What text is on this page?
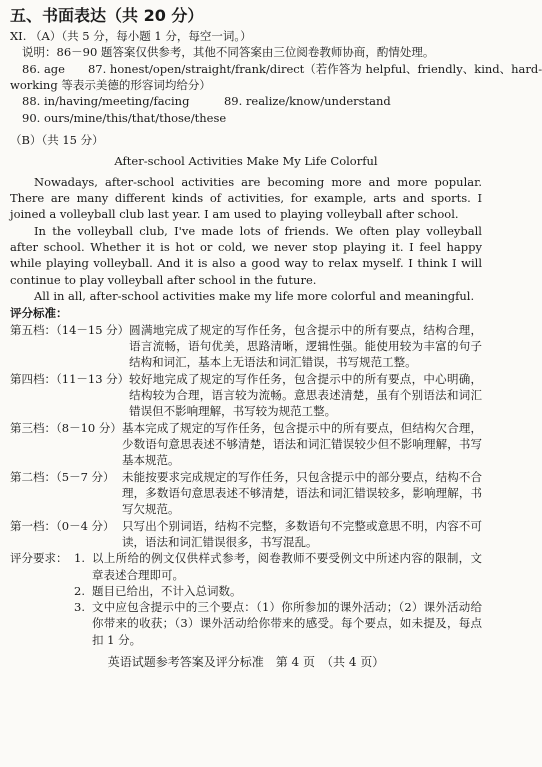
五、书面表达（共 20 分）
XI. （A）（共 5 分，每小题 1 分，每空一词。）
说明：86－90 题答案仅供参考，其他不同答案由三位阅卷教师协商，酌情处理。
86. age　　87. honest/open/straight/frank/direct（若作答为 helpful、friendly、kind、hard-
working 等表示美德的形容词均给分）
88. in/having/meeting/facing　　　89. realize/know/understand
90. ours/mine/this/that/those/these
（B）（共 15 分）
After-school Activities Make My Life Colorful

Nowadays, after-school activities are becoming more and more popular. There are many different kinds of activities, for example, arts and sports. I joined a volleyball club last year. I am used to playing volleyball after school.

In the volleyball club, I've made lots of friends. We often play volleyball after school. Whether it is hot or cold, we never stop playing it. I feel happy while playing volleyball. And it is also a good way to relax myself. I think I will continue to play volleyball after school in the future.

All in all, after-school activities make my life more colorful and meaningful.

评分标准：
第五档：（14－15 分） 圆满地完成了规定的写作任务，包含提示中的所有要点，结构合理，语言流畅，语句优美，思路清晰，逻辑性强。能使用较为丰富的句子结构和词汇，基本上无语法和词汇错误，书写规范工整。
第四档：（11－13 分） 较好地完成了规定的写作任务，包含提示中的所有要点，中心明确，结构较为合理，语言较为流畅。意思表述清楚，虽有个别语法和词汇错误但不影响理解，书写较为规范工整。
第三档：（8－10 分） 基本完成了规定的写作任务，包含提示中的所有要点，但结构欠合理，少数语句意思表述不够清楚，语法和词汇错误较少但不影响理解，书写基本规范。
第二档：（5－7 分） 未能按要求完成规定的写作任务，只包含提示中的部分要点，结构不合理，多数语句意思表述不够清楚，语法和词汇错误较多，影响理解，书写欠规范。
第一档：（0－4 分） 只写出个别词语，结构不完整，多数语句不完整或意思不明，内容不可读，语法和词汇错误很多，书写混乱。
评分要求： 1. 以上所给的例文仅供样式参考，阅卷教师不要受例文中所述内容的限制，文章表述合理即可。
2. 题目已给出，不计入总词数。
3. 文中应包含提示中的三个要点：（1）你所参加的课外活动；（2）课外活动给你带来的收获；（3）课外活动给你带来的感受。每个要点，如未提及，每点扣 1 分。
英语试题参考答案及评分标准　第 4 页　（共 4 页）
